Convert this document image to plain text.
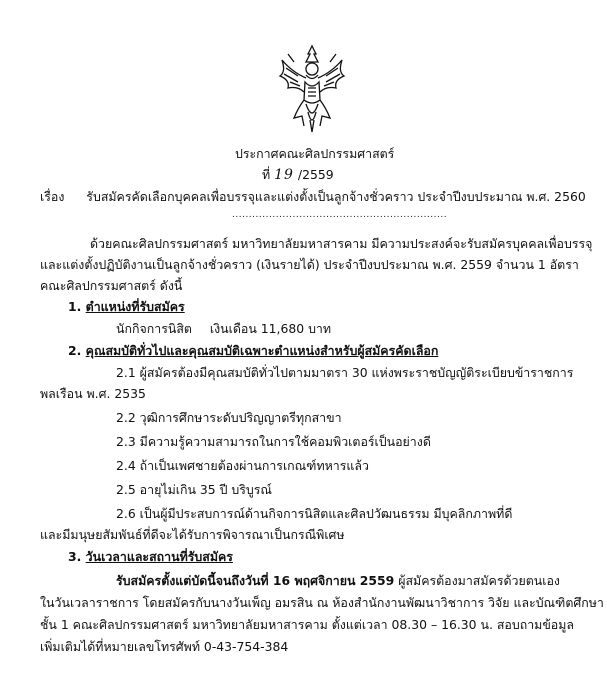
ประกาศคณะศิลปกรรมศาสตร์
ที่ 19 /2559
เรื่อง รับสมัครคัดเลือกบุคคลเพื่อบรรจุและแต่งตั้งเป็นลูกจ้างชั่วคราว ประจำปีงบประมาณ พ.ศ. 2560
................................................................
ด้วยคณะศิลปกรรมศาสตร์ มหาวิทยาลัยมหาสารคาม มีความประสงค์จะรับสมัครบุคคลเพื่อบรรจุ
และแต่งตั้งปฏิบัติงานเป็นลูกจ้างชั่วคราว (เงินรายได้) ประจำปีงบประมาณ พ.ศ. 2559 จำนวน 1 อัตรา
คณะศิลปกรรมศาสตร์ ดังนี้
1. ตำแหน่งที่รับสมัคร
นักกิจการนิสิต เงินเดือน 11,680 บาท
2. คุณสมบัติทั่วไปและคุณสมบัติเฉพาะตำแหน่งสำหรับผู้สมัครคัดเลือก
2.1 ผู้สมัครต้องมีคุณสมบัติทั่วไปตามมาตรา 30 แห่งพระราชบัญญัติระเบียบข้าราชการ
พลเรือน พ.ศ. 2535
2.2 วุฒิการศึกษาระดับปริญญาตรีทุกสาขา
2.3 มีความรู้ความสามารถในการใช้คอมพิวเตอร์เป็นอย่างดี
2.4 ถ้าเป็นเพศชายต้องผ่านการเกณฑ์ทหารแล้ว
2.5 อายุไม่เกิน 35 ปี บริบูรณ์
2.6 เป็นผู้มีประสบการณ์ด้านกิจการนิสิตและศิลปวัฒนธรรม มีบุคลิกภาพที่ดี
และมีมนุษยสัมพันธ์ที่ดีจะได้รับการพิจารณาเป็นกรณีพิเศษ
3. วันเวลาและสถานที่รับสมัคร
รับสมัครตั้งแต่บัดนี้จนถึงวันที่ 16 พฤศจิกายน 2559 ผู้สมัครต้องมาสมัครด้วยตนเอง
ในวันเวลาราชการ โดยสมัครกับนางวันเพ็ญ อมรสิน ณ ห้องสำนักงานพัฒนาวิชาการ วิจัย และบัณฑิตศึกษา
ชั้น 1 คณะศิลปกรรมศาสตร์ มหาวิทยาลัยมหาสารคาม ตั้งแต่เวลา 08.30 – 16.30 น. สอบถามข้อมูล
เพิ่มเติมได้ที่หมายเลขโทรศัพท์ 0-43-754-384
